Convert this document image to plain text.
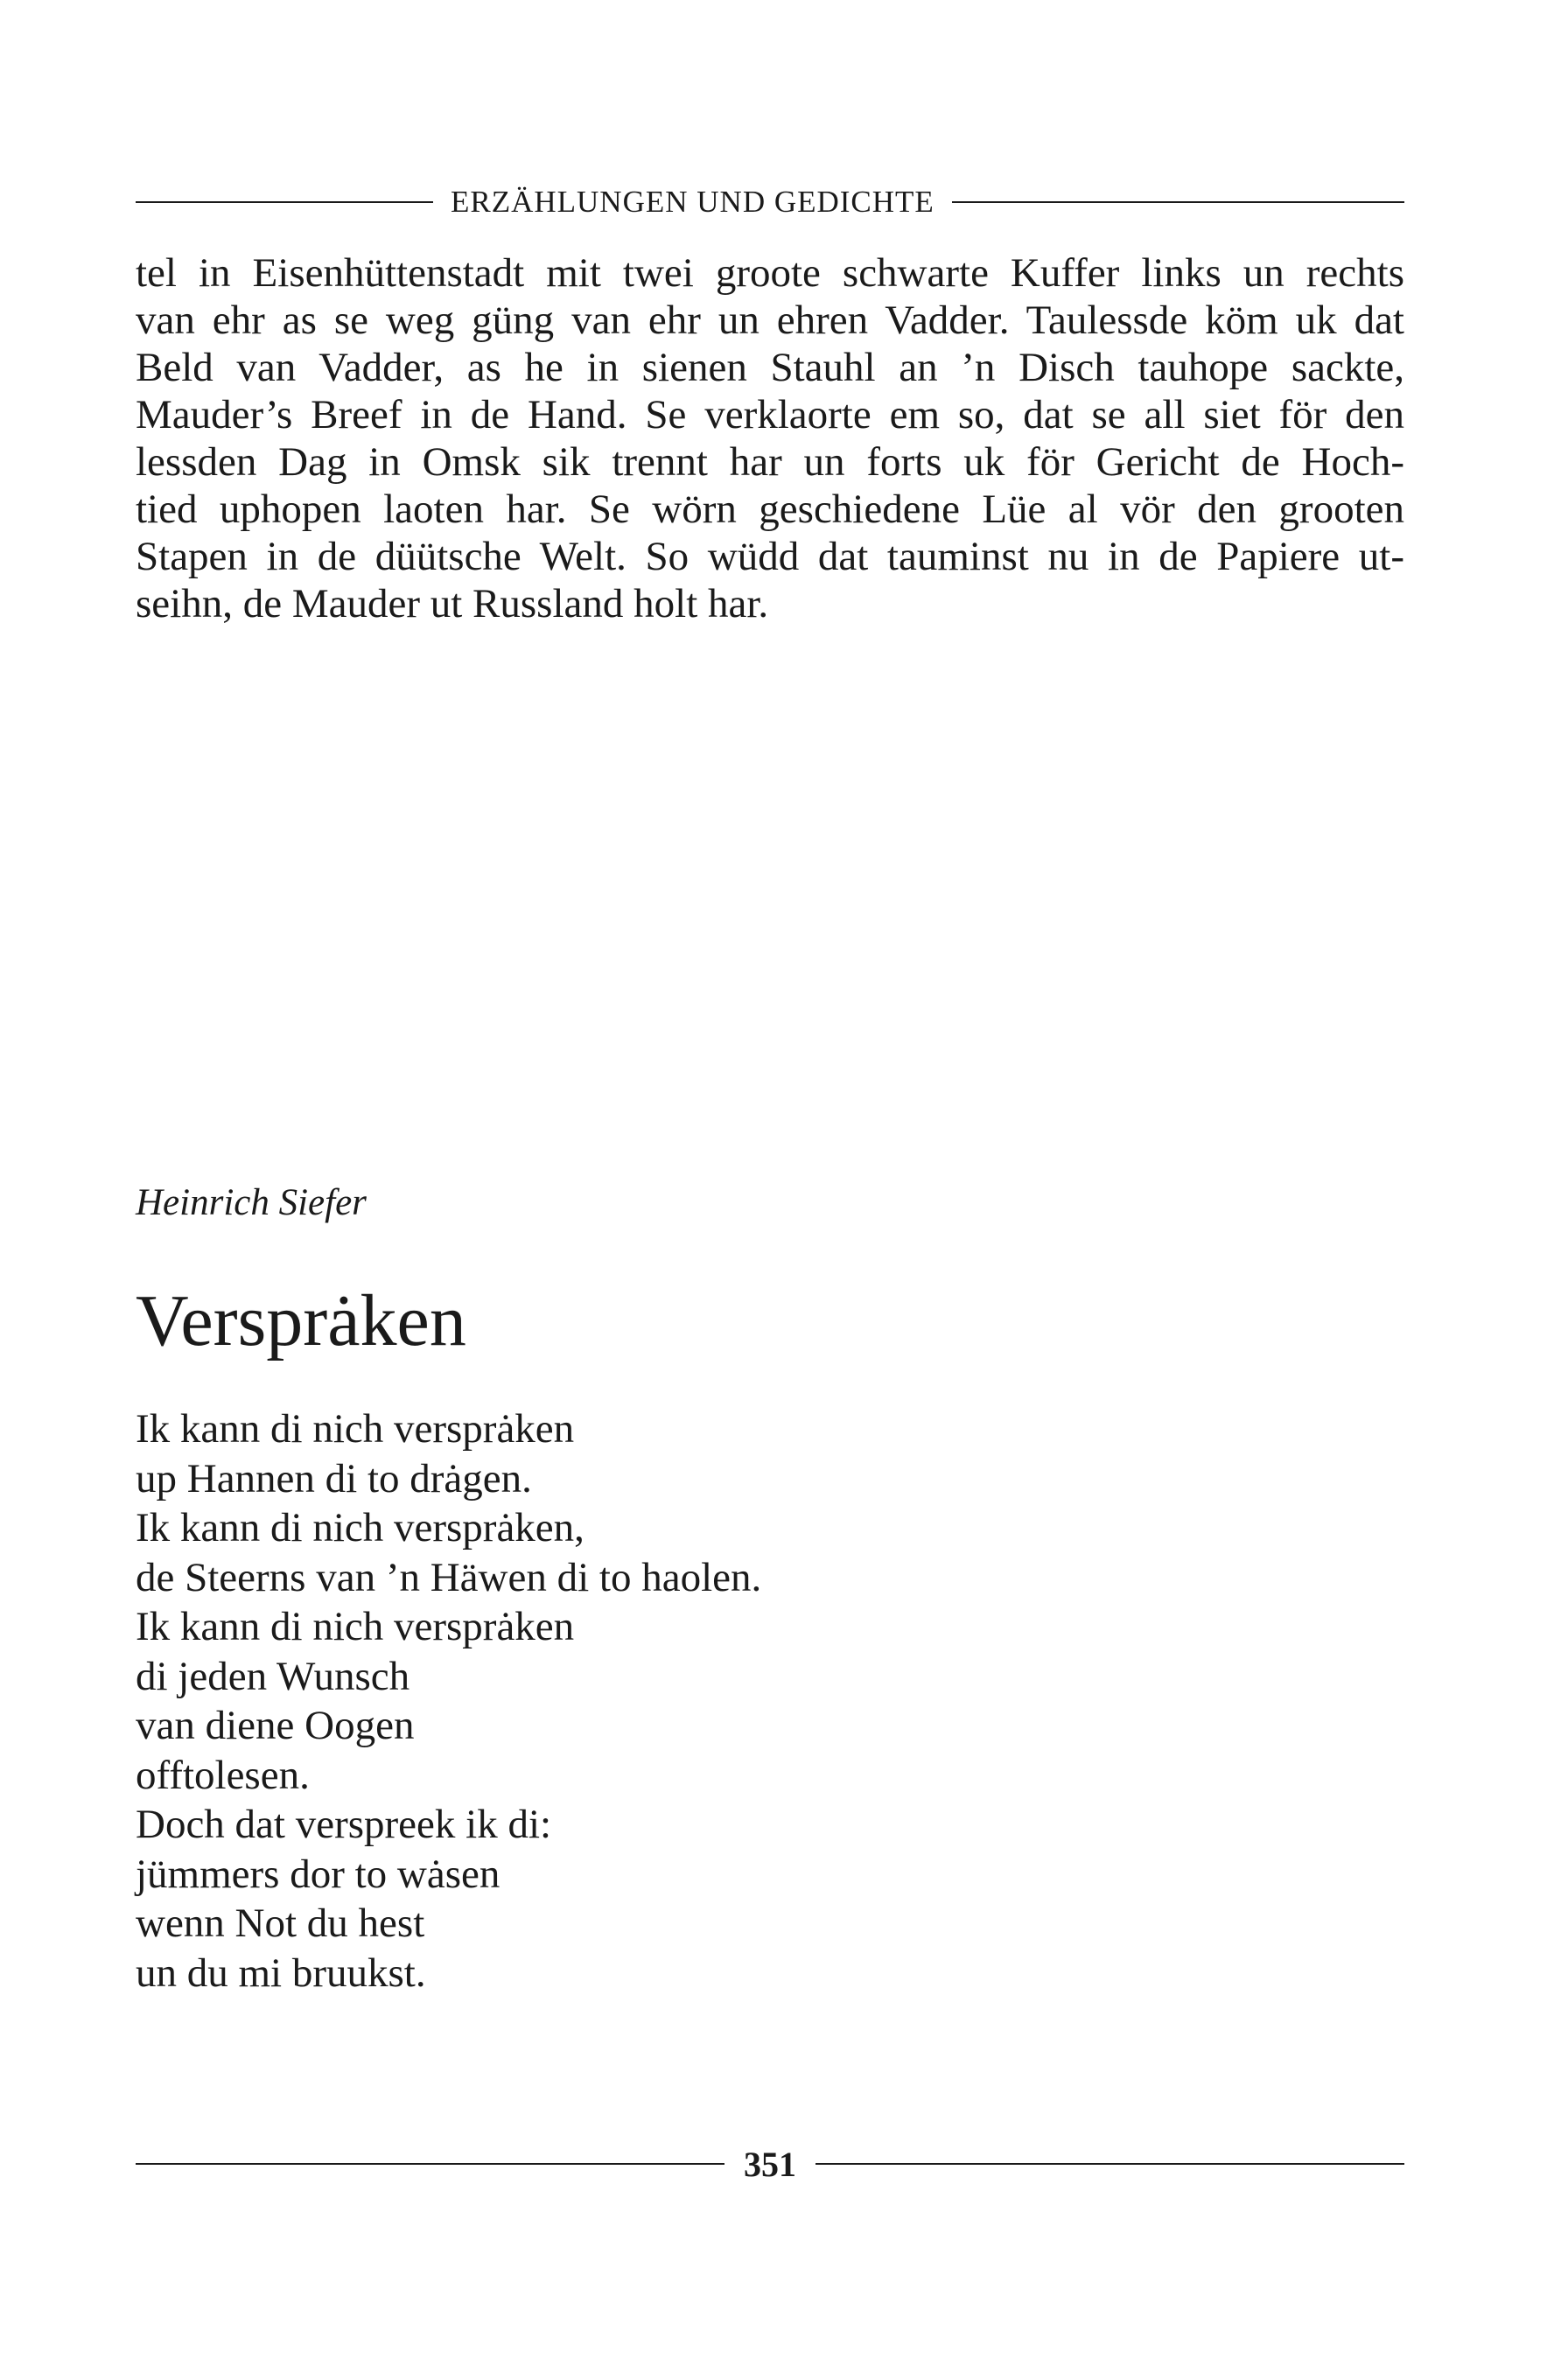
ERZÄHLUNGEN UND GEDICHTE
tel in Eisenhüttenstadt mit twei groote schwarte Kuffer links un rechts
van ehr as se weg güng van ehr un ehren Vadder. Taulessde köm uk dat
Beld van Vadder, as he in sienen Stauhl an ’n Disch tauhope sackte,
Mauder’s Breef in de Hand. Se verklaorte em so, dat se all siet för den
lessden Dag in Omsk sik trennt har un forts uk för Gericht de Hoch-
tied uphopen laoten har. Se wörn geschiedene Lüe al vör den grooten
Stapen in de düütsche Welt. So wüdd dat tauminst nu in de Papiere ut-
seihn, de Mauder ut Russland holt har.

Heinrich Siefer

Versprȧken
Ik kann di nich versprȧken
up Hannen di to drȧgen.
Ik kann di nich versprȧken,
de Steerns van ’n Häwen di to haolen.
Ik kann di nich versprȧken
di jeden Wunsch
van diene Oogen
offtolesen.
Doch dat verspreek ik di:
jümmers dor to wȧsen
wenn Not du hest
un du mi bruukst.
351
